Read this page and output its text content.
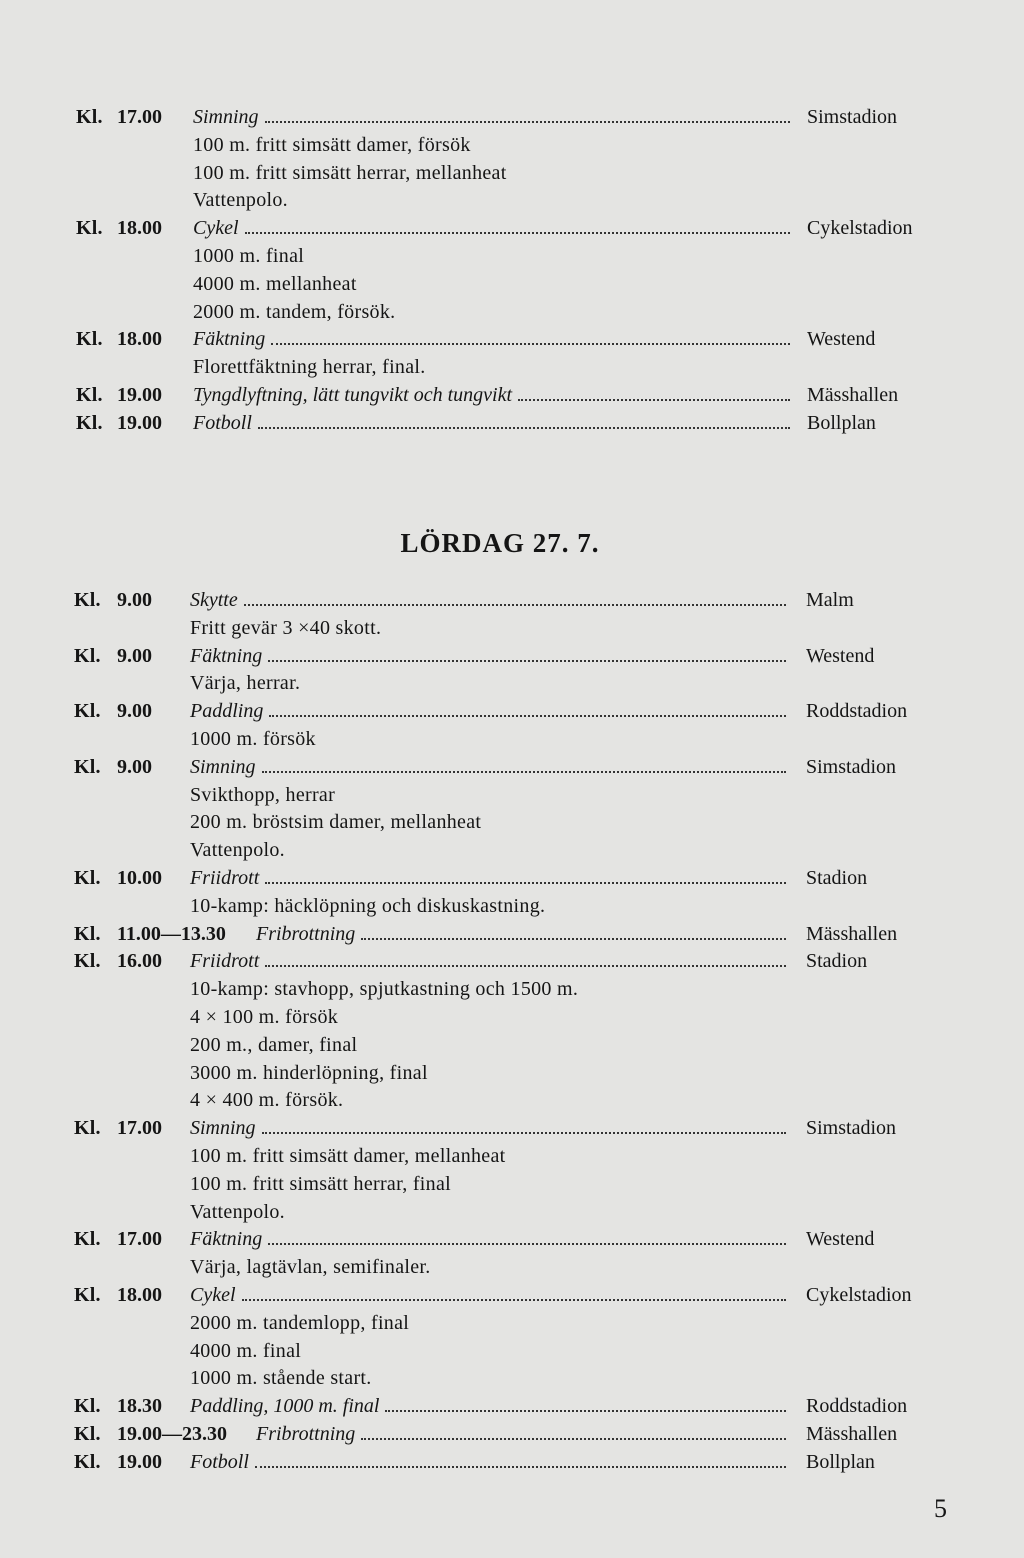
Kl. 17.00 Simning	Simstadion
100 m. fritt simsätt damer, försök
100 m. fritt simsätt herrar, mellanheat
Vattenpolo.
Kl. 18.00 Cykel	Cykelstadion
1000 m. final
4000 m. mellanheat
2000 m. tandem, försök.
Kl. 18.00 Fäktning	Westend
Florettfäktning herrar, final.
Kl. 19.00 Tyngdlyftning, lätt tungvikt och tungvikt	Mässhallen
Kl. 19.00 Fotboll	Bollplan
LÖRDAG 27. 7.
Kl. 9.00 Skytte	Malm
Fritt gevär 3 ×40 skott.
Kl. 9.00 Fäktning	Westend
Värja, herrar.
Kl. 9.00 Paddling	Roddstadion
1000 m. försök
Kl. 9.00 Simning	Simstadion
Svikthopp, herrar
200 m. bröstsim damer, mellanheat
Vattenpolo.
Kl. 10.00 Friidrott	Stadion
10-kamp: häcklöpning och diskuskastning.
Kl. 11.00—13.30 Fribrottning	Mässhallen
Kl. 16.00 Friidrott	Stadion
10-kamp: stavhopp, spjutkastning och 1500 m.
4 × 100 m. försök
200 m., damer, final
3000 m. hinderlöpning, final
4 × 400 m. försök.
Kl. 17.00 Simning	Simstadion
100 m. fritt simsätt damer, mellanheat
100 m. fritt simsätt herrar, final
Vattenpolo.
Kl. 17.00 Fäktning	Westend
Värja, lagtävlan, semifinaler.
Kl. 18.00 Cykel	Cykelstadion
2000 m. tandemlopp, final
4000 m. final
1000 m. stående start.
Kl. 18.30 Paddling, 1000 m. final	Roddstadion
Kl. 19.00—23.30 Fribrottning	Mässhallen
Kl. 19.00 Fotboll	Bollplan
5
